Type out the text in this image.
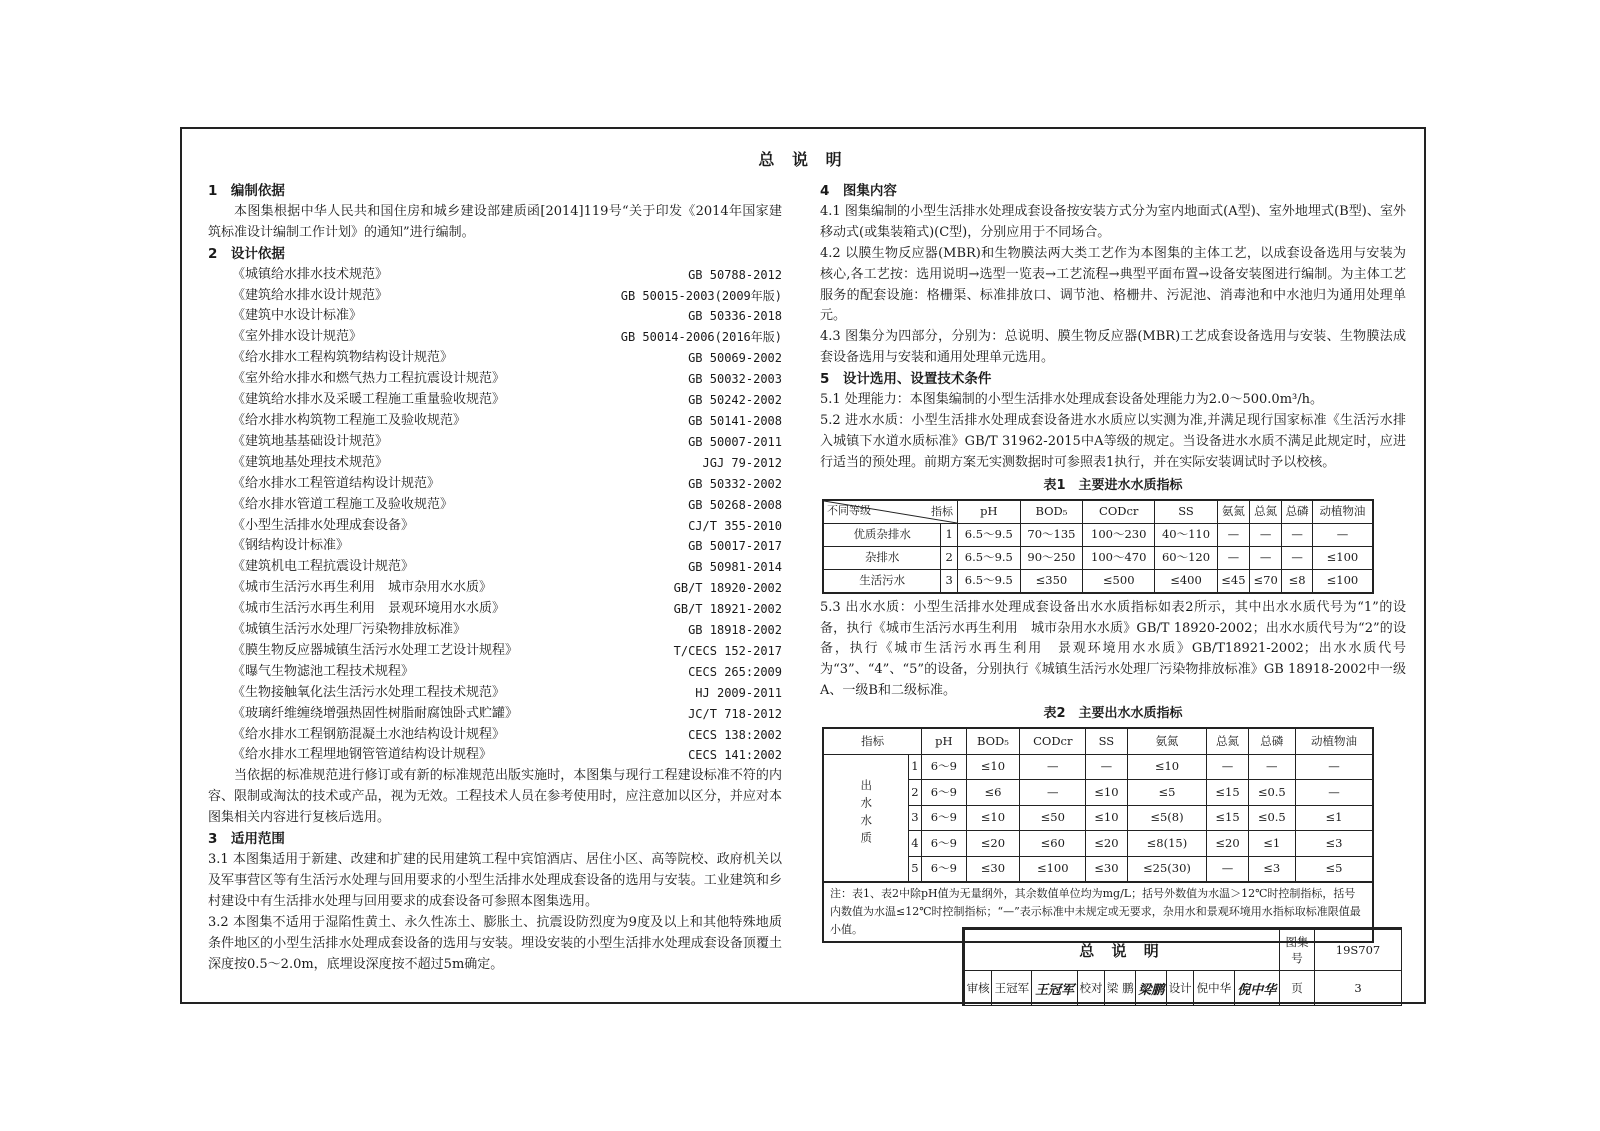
总 说 明
1　编制依据
本图集根据中华人民共和国住房和城乡建设部建质函[2014]119号“关于印发《2014年国家建筑标准设计编制工作计划》的通知”进行编制。
2　设计依据
《城镇给水排水技术规范》	GB 50788-2012
《建筑给水排水设计规范》	GB 50015-2003(2009年版)
《建筑中水设计标准》	GB 50336-2018
《室外排水设计规范》	GB 50014-2006(2016年版)
《给水排水工程构筑物结构设计规范》	GB 50069-2002
《室外给水排水和燃气热力工程抗震设计规范》	GB 50032-2003
《建筑给水排水及采暖工程施工重量验收规范》	GB 50242-2002
《给水排水构筑物工程施工及验收规范》	GB 50141-2008
《建筑地基基础设计规范》	GB 50007-2011
《建筑地基处理技术规范》	JGJ 79-2012
《给水排水工程管道结构设计规范》	GB 50332-2002
《给水排水管道工程施工及验收规范》	GB 50268-2008
《小型生活排水处理成套设备》	CJ/T 355-2010
《钢结构设计标准》	GB 50017-2017
《建筑机电工程抗震设计规范》	GB 50981-2014
《城市生活污水再生利用　城市杂用水水质》	GB/T 18920-2002
《城市生活污水再生利用　景观环境用水水质》	GB/T 18921-2002
《城镇生活污水处理厂污染物排放标准》	GB 18918-2002
《膜生物反应器城镇生活污水处理工艺设计规程》	T/CECS 152-2017
《曝气生物滤池工程技术规程》	CECS 265:2009
《生物接触氧化法生活污水处理工程技术规范》	HJ 2009-2011
《玻璃纤维缠绕增强热固性树脂耐腐蚀卧式贮罐》	JC/T 718-2012
《给水排水工程钢筋混凝土水池结构设计规程》	CECS 138:2002
《给水排水工程埋地钢管管道结构设计规程》	CECS 141:2002
当依据的标准规范进行修订或有新的标准规范出版实施时，本图集与现行工程建设标准不符的内容、限制或淘汰的技术或产品，视为无效。工程技术人员在参考使用时，应注意加以区分，并应对本图集相关内容进行复核后选用。
3　适用范围
3.1 本图集适用于新建、改建和扩建的民用建筑工程中宾馆酒店、居住小区、高等院校、政府机关以及军事营区等有生活污水处理与回用要求的小型生活排水处理成套设备的选用与安装。工业建筑和乡村建设中有生活排水处理与回用要求的成套设备可参照本图集选用。
3.2 本图集不适用于湿陷性黄土、永久性冻土、膨胀土、抗震设防烈度为9度及以上和其他特殊地质条件地区的小型生活排水处理成套设备的选用与安装。埋设安装的小型生活排水处理成套设备顶覆土深度按0.5～2.0m，底埋设深度按不超过5m确定。
4　图集内容
4.1 图集编制的小型生活排水处理成套设备按安装方式分为室内地面式(A型)、室外地埋式(B型)、室外移动式(或集装箱式)(C型)，分别应用于不同场合。
4.2 以膜生物反应器(MBR)和生物膜法两大类工艺作为本图集的主体工艺，以成套设备选用与安装为核心,各工艺按：选用说明→选型一览表→工艺流程→典型平面布置→设备安装图进行编制。为主体工艺服务的配套设施：格栅渠、标准排放口、调节池、格栅井、污泥池、消毒池和中水池归为通用处理单元。
4.3 图集分为四部分，分别为：总说明、膜生物反应器(MBR)工艺成套设备选用与安装、生物膜法成套设备选用与安装和通用处理单元选用。
5　设计选用、设置技术条件
5.1 处理能力：本图集编制的小型生活排水处理成套设备处理能力为2.0～500.0m³/h。
5.2 进水水质：小型生活排水处理成套设备进水水质应以实测为准,并满足现行国家标准《生活污水排入城镇下水道水质标准》GB/T 31962-2015中A等级的规定。当设备进水水质不满足此规定时，应进行适当的预处理。前期方案无实测数据时可参照表1执行，并在实际安装调试时予以校核。
表1　主要进水水质指标
指标
不同等级		pH	BOD₅	CODcr	SS	氨氮	总氮	总磷	动植物油
优质杂排水	1	6.5～9.5	70～135	100～230	40～110	—	—	—	—
杂排水	2	6.5～9.5	90～250	100～470	60～120	—	—	—	≤100
生活污水	3	6.5～9.5	≤350	≤500	≤400	≤45	≤70	≤8	≤100
5.3 出水水质：小型生活排水处理成套设备出水水质指标如表2所示，其中出水水质代号为“1”的设备，执行《城市生活污水再生利用　城市杂用水水质》GB/T 18920-2002；出水水质代号为“2”的设备，执行《城市生活污水再生利用　景观环境用水水质》GB/T18921-2002；出水水质代号为“3”、“4”、“5”的设备，分别执行《城镇生活污水处理厂污染物排放标准》GB 18918-2002中一级A、一级B和二级标准。
表2　主要出水水质指标
指标		pH	BOD₅	CODcr	SS	氨氮	总氮	总磷	动植物油
出水水质	1	6～9	≤10	—	—	≤10	—	—	—
	2	6～9	≤6	—	≤10	≤5	≤15	≤0.5	—
	3	6～9	≤10	≤50	≤10	≤5(8)	≤15	≤0.5	≤1
	4	6～9	≤20	≤60	≤20	≤8(15)	≤20	≤1	≤3
	5	6～9	≤30	≤100	≤30	≤25(30)	—	≤3	≤5
注：表1、表2中除pH值为无量纲外，其余数值单位均为mg/L；括号外数值为水温＞12℃时控制指标，括号内数值为水温≤12℃时控制指标；“—”表示标准中未规定或无要求，杂用水和景观环境用水指标取标准限值最小值。
总 说 明									图集号	19S707
审核	王冠军	王冠军	校对	梁 鹏	梁鹏	设计	倪中华	倪中华	页	3
